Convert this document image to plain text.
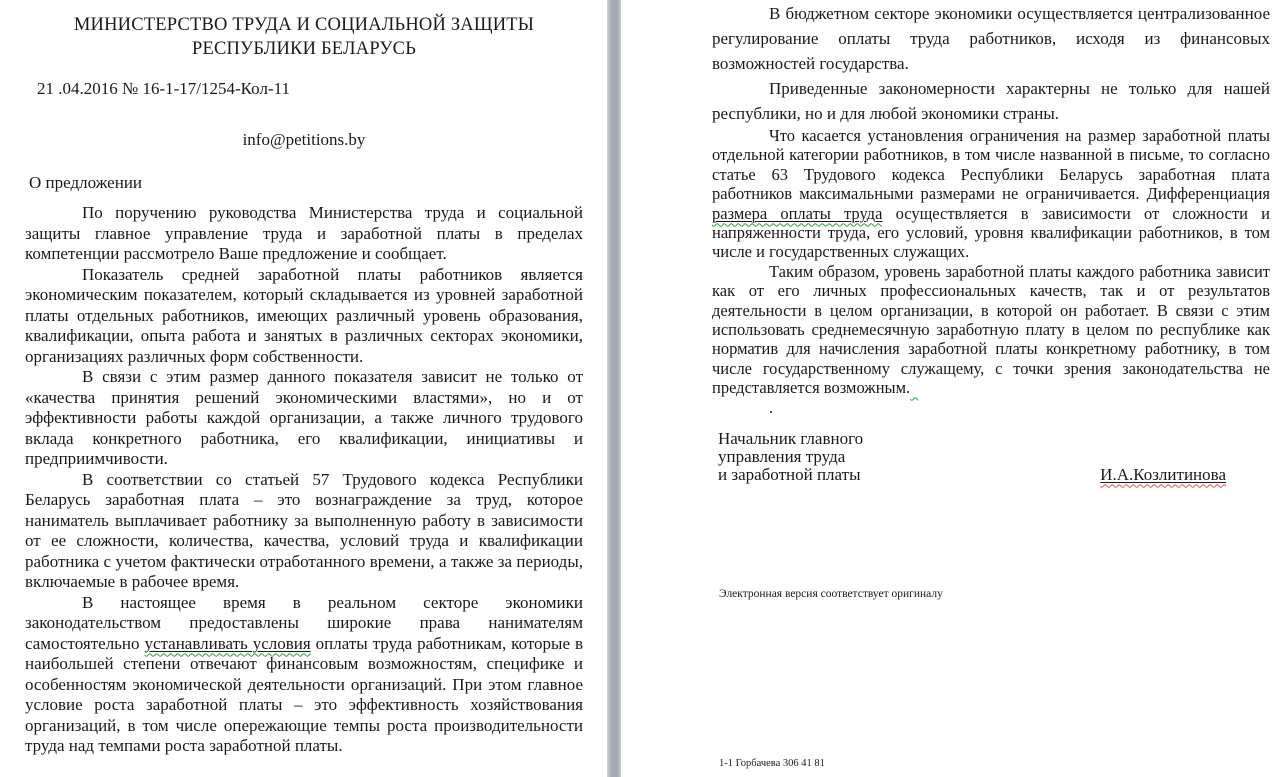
МИНИСТЕРСТВО ТРУДА И СОЦИАЛЬНОЙ ЗАЩИТЫ
РЕСПУБЛИКИ БЕЛАРУСЬ
21 .04.2016 № 16-1-17/1254-Кол-11
info@petitions.by
О предложении

По поручению руководства Министерства труда и социальной защиты главное управление труда и заработной платы в пределах компетенции рассмотрело Ваше предложение и сообщает.

Показатель средней заработной платы работников является экономическим показателем, который складывается из уровней заработной платы отдельных работников, имеющих различный уровень образования, квалификации, опыта работа и занятых в различных секторах экономики, организациях различных форм собственности.

В связи с этим размер данного показателя зависит не только от «качества принятия решений экономическими властями», но и от эффективности работы каждой организации, а также личного трудового вклада конкретного работника, его квалификации, инициативы и предприимчивости.

В соответствии со статьей 57 Трудового кодекса Республики Беларусь заработная плата – это вознаграждение за труд, которое наниматель выплачивает работнику за выполненную работу в зависимости от ее сложности, количества, качества, условий труда и квалификации работника с учетом фактически отработанного времени, а также за периоды, включаемые в рабочее время.

В настоящее время в реальном секторе экономики законодательством предоставлены широкие права нанимателям самостоятельно устанавливать условия оплаты труда работникам, которые в наибольшей степени отвечают финансовым возможностям, специфике и особенностям экономической деятельности организаций. При этом главное условие роста заработной платы – это эффективность хозяйствования организаций, в том числе опережающие темпы роста производительности труда над темпами роста заработной платы.

В бюджетном секторе экономики осуществляется централизованное регулирование оплаты труда работников, исходя из финансовых возможностей государства.

Приведенные закономерности характерны не только для нашей республики, но и для любой экономики страны.

Что касается установления ограничения на размер заработной платы отдельной категории работников, в том числе названной в письме, то согласно статье 63 Трудового кодекса Республики Беларусь заработная плата работников максимальными размерами не ограничивается. Дифференциация размера оплаты труда осуществляется в зависимости от сложности и напряженности труда, его условий, уровня квалификации работников, в том числе и государственных служащих.

Таким образом, уровень заработной платы каждого работника зависит как от его личных профессиональных качеств, так и от результатов деятельности в целом организации, в которой он работает. В связи с этим использовать среднемесячную заработную плату в целом по республике как норматив для начисления заработной платы конкретному работнику, в том числе государственному служащему, с точки зрения законодательства не представляется возможным.

.

Начальник главного
управления труда
и заработной платы	И.А.Козлитинова
Электронная версия соответствует оригиналу
1-1 Горбачева 306 41 81
